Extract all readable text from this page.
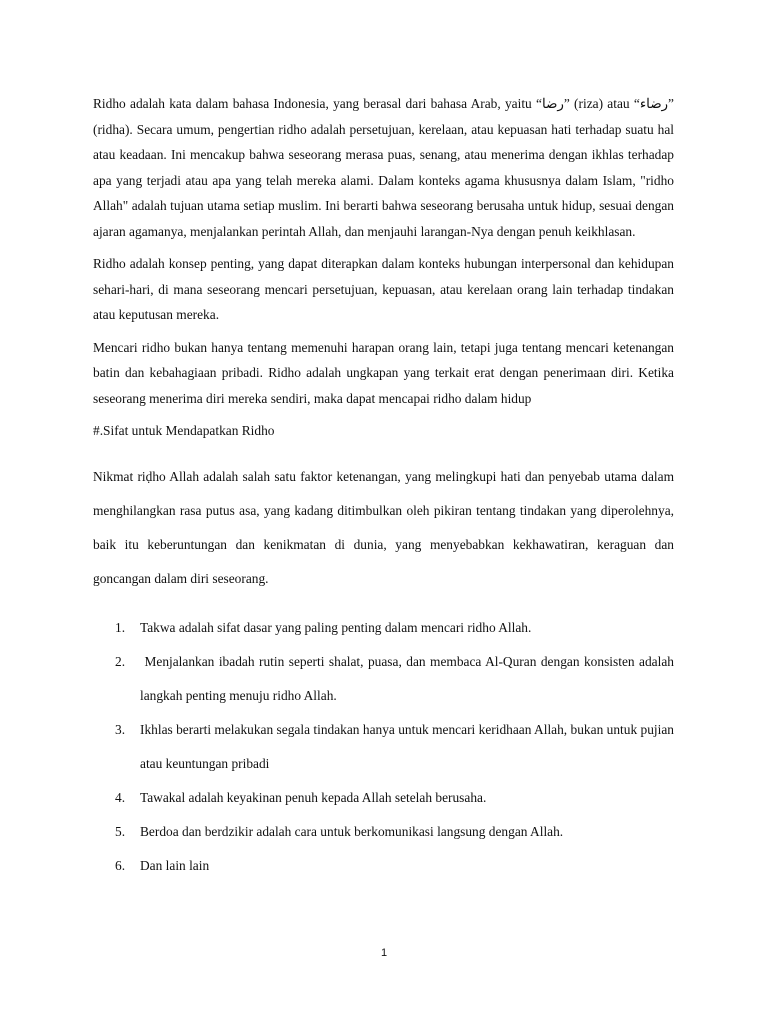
Ridho adalah kata dalam bahasa Indonesia, yang berasal dari bahasa Arab, yaitu “رضا” (riza) atau “رضاء” (ridha). Secara umum, pengertian ridho adalah persetujuan, kerelaan, atau kepuasan hati terhadap suatu hal atau keadaan. Ini mencakup bahwa seseorang merasa puas, senang, atau menerima dengan ikhlas terhadap apa yang terjadi atau apa yang telah mereka alami. Dalam konteks agama khususnya dalam Islam, "ridho Allah" adalah tujuan utama setiap muslim. Ini berarti bahwa seseorang berusaha untuk hidup, sesuai dengan ajaran agamanya, menjalankan perintah Allah, dan menjauhi larangan-Nya dengan penuh keikhlasan.

Ridho adalah konsep penting, yang dapat diterapkan dalam konteks hubungan interpersonal dan kehidupan sehari-hari, di mana seseorang mencari persetujuan, kepuasan, atau kerelaan orang lain terhadap tindakan atau keputusan mereka.

Mencari ridho bukan hanya tentang memenuhi harapan orang lain, tetapi juga tentang mencari ketenangan batin dan kebahagiaan pribadi. Ridho adalah ungkapan yang terkait erat dengan penerimaan diri. Ketika seseorang menerima diri mereka sendiri, maka dapat mencapai ridho dalam hidup

#.Sifat untuk Mendapatkan Ridho

Nikmat riḍho Allah adalah salah satu faktor ketenangan, yang melingkupi hati dan penyebab utama dalam menghilangkan rasa putus asa, yang kadang ditimbulkan oleh pikiran tentang tindakan yang diperolehnya, baik itu keberuntungan dan kenikmatan di dunia, yang menyebabkan kekhawatiran, keraguan dan goncangan dalam diri seseorang.

1. Takwa adalah sifat dasar yang paling penting dalam mencari ridho Allah.
2. Menjalankan ibadah rutin seperti shalat, puasa, dan membaca Al-Quran dengan konsisten adalah langkah penting menuju ridho Allah.
3. Ikhlas berarti melakukan segala tindakan hanya untuk mencari keridhaan Allah, bukan untuk pujian atau keuntungan pribadi
4. Tawakal adalah keyakinan penuh kepada Allah setelah berusaha.
5. Berdoa dan berdzikir adalah cara untuk berkomunikasi langsung dengan Allah.
6. Dan lain lain
1
